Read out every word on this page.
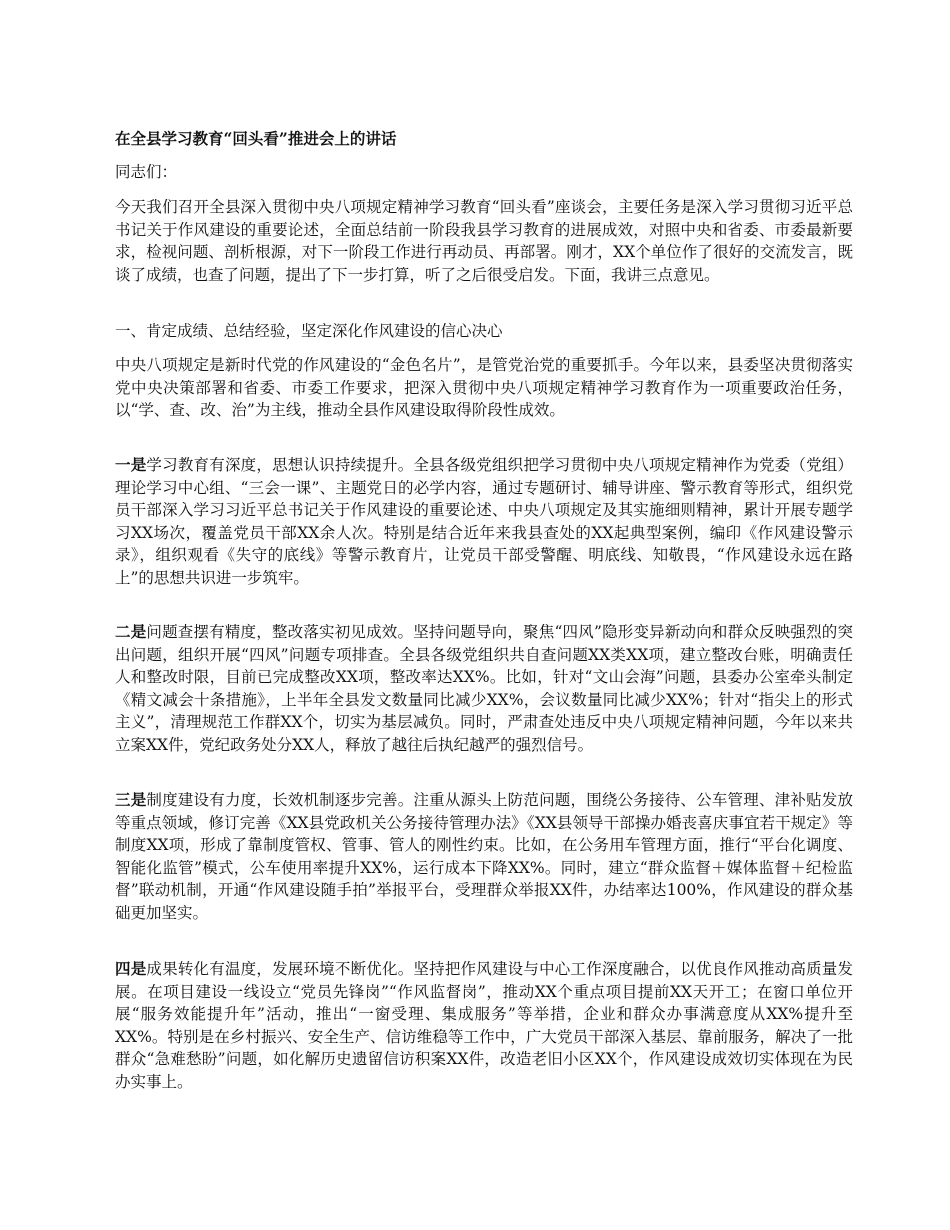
在全县学习教育“回头看”推进会上的讲话

同志们：

今天我们召开全县深入贯彻中央八项规定精神学习教育“回头看”座谈会，主要任务是深入学习贯彻习近平总书记关于作风建设的重要论述，全面总结前一阶段我县学习教育的进展成效，对照中央和省委、市委最新要求，检视问题、剖析根源，对下一阶段工作进行再动员、再部署。刚才，XX个单位作了很好的交流发言，既谈了成绩，也查了问题，提出了下一步打算，听了之后很受启发。下面，我讲三点意见。

一、肯定成绩、总结经验，坚定深化作风建设的信心决心

中央八项规定是新时代党的作风建设的“金色名片”，是管党治党的重要抓手。今年以来，县委坚决贯彻落实党中央决策部署和省委、市委工作要求，把深入贯彻中央八项规定精神学习教育作为一项重要政治任务，以“学、查、改、治”为主线，推动全县作风建设取得阶段性成效。

一是学习教育有深度，思想认识持续提升。全县各级党组织把学习贯彻中央八项规定精神作为党委（党组）理论学习中心组、“三会一课”、主题党日的必学内容，通过专题研讨、辅导讲座、警示教育等形式，组织党员干部深入学习习近平总书记关于作风建设的重要论述、中央八项规定及其实施细则精神，累计开展专题学习XX场次，覆盖党员干部XX余人次。特别是结合近年来我县查处的XX起典型案例，编印《作风建设警示录》，组织观看《失守的底线》等警示教育片，让党员干部受警醒、明底线、知敬畏，“作风建设永远在路上”的思想共识进一步筑牢。

二是问题查摆有精度，整改落实初见成效。坚持问题导向，聚焦“四风”隐形变异新动向和群众反映强烈的突出问题，组织开展“四风”问题专项排查。全县各级党组织共自查问题XX类XX项，建立整改台账，明确责任人和整改时限，目前已完成整改XX项，整改率达XX%。比如，针对“文山会海”问题，县委办公室牵头制定《精文减会十条措施》，上半年全县发文数量同比减少XX%，会议数量同比减少XX%；针对“指尖上的形式主义”，清理规范工作群XX个，切实为基层减负。同时，严肃查处违反中央八项规定精神问题，今年以来共立案XX件，党纪政务处分XX人，释放了越往后执纪越严的强烈信号。

三是制度建设有力度，长效机制逐步完善。注重从源头上防范问题，围绕公务接待、公车管理、津补贴发放等重点领域，修订完善《XX县党政机关公务接待管理办法》《XX县领导干部操办婚丧喜庆事宜若干规定》等制度XX项，形成了靠制度管权、管事、管人的刚性约束。比如，在公务用车管理方面，推行“平台化调度、智能化监管”模式，公车使用率提升XX%，运行成本下降XX%。同时，建立“群众监督＋媒体监督＋纪检监督”联动机制，开通“作风建设随手拍”举报平台，受理群众举报XX件，办结率达100%，作风建设的群众基础更加坚实。

四是成果转化有温度，发展环境不断优化。坚持把作风建设与中心工作深度融合，以优良作风推动高质量发展。在项目建设一线设立“党员先锋岗”“作风监督岗”，推动XX个重点项目提前XX天开工；在窗口单位开展“服务效能提升年”活动，推出“一窗受理、集成服务”等举措，企业和群众办事满意度从XX%提升至XX%。特别是在乡村振兴、安全生产、信访维稳等工作中，广大党员干部深入基层、靠前服务，解决了一批群众“急难愁盼”问题，如化解历史遗留信访积案XX件，改造老旧小区XX个，作风建设成效切实体现在为民办实事上。
